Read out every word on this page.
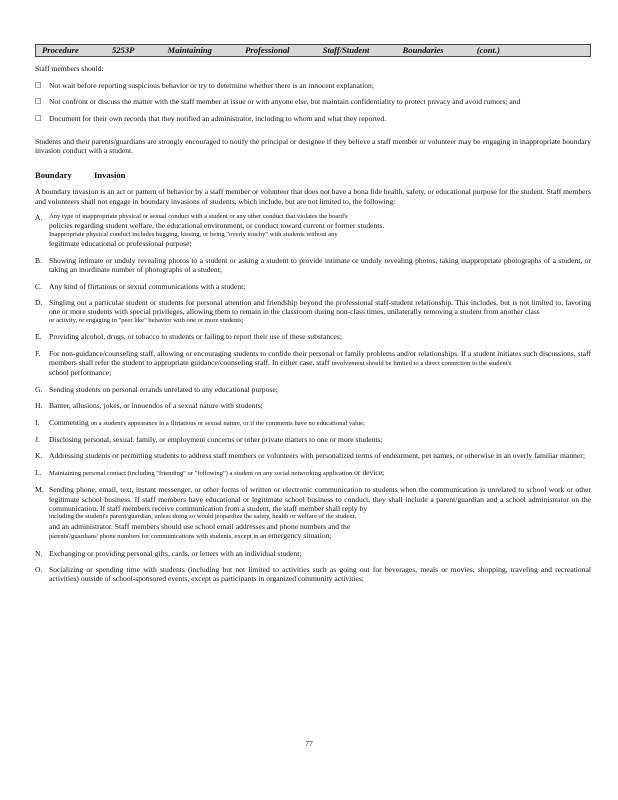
Procedure	5253P	Maintaining	Professional	Staff/Student	Boundaries	(cont.)

Staff members should:

□ Not wait before reporting suspicious behavior or try to determine whether there is an innocent explanation;
□ Not confront or discuss the matter with the staff member at issue or with anyone else, but maintain confidentiality to protect privacy and avoid rumors; and
□ Document for their own records that they notified an administrator, including to whom and what they reported.

Students and their parents/guardians are strongly encouraged to notify the principal or designee if they believe a staff member or volunteer may be engaging in inappropriate boundary invasion conduct with a student.

Boundary	Invasion

A boundary invasion is an act or pattern of behavior by a staff member or volunteer that does not have a bona fide health, safety, or educational purpose for the student. Staff members and volunteers shall not engage in boundary invasions of students, which include, but are not limited to, the following:

A.	Any type of inappropriate physical or sexual conduct with a student or any other conduct that violates the board's
policies regarding student welfare, the educational environment, or conduct toward current or former students.
Inappropriate physical conduct includes hugging, kissing, or being "overly touchy" with students without any
legitimate educational or professional purpose;
B. Showing intimate or unduly revealing photos to a student or asking a student to provide intimate or unduly revealing photos, taking inappropriate photographs of a student, or taking an inordinate number of photographs of a student;
C. Any kind of flirtatious or sexual communications with a student;
D. Singling out a particular student or students for personal attention and friendship beyond the professional staff-student relationship. This includes, but is not limited to, favoring one or more students with special privileges, allowing them to remain in the classroom during non-class times, unilaterally removing a student from another class
or activity, or engaging in "peer like" behavior with one or more students;
E. Providing alcohol, drugs, or tobacco to students or failing to report their use of these substances;
F.	For non-guidance/counseling staff, allowing or encouraging students to confide their personal or family problems and/or relationships. If a student initiates such discussions, staff members shall refer the student to appropriate guidance/counseling staff. In either case, staff involvement should be limited to a direct connection to the student's
school performance;
G. Sending students on personal errands unrelated to any educational purpose;
H. Banter, allusions, jokes, or innuendos of a sexual nature with students;
I.	Commenting on a student's appearance in a flirtatious or sexual nature, or if the comments have no educational value;
J.	Disclosing personal, sexual, family, or employment concerns or other private matters to one or more students;
K. Addressing students or permitting students to address staff members or volunteers with personalized terms of endearment, pet names, or otherwise in an overly familiar manner;
L.	Maintaining personal contact (including "friending" or "following") a student on any social networking application or device;
M. Sending phone, email, text, instant messenger, or other forms of written or electronic communication to students when the communication is unrelated to school work or other legitimate school business. If staff members have educational or legitimate school business to conduct, they shall include a parent/guardian and a school administrator on the communication. If staff members receive communication from a student, the staff member shall reply by
including the student's parent/guardian, unless doing so would jeopardize the safety, health or welfare of the student,
and an administrator. Staff members should use school email addresses and phone numbers and the
parents'/guardians' phone numbers for communications with students, except in an emergency situation;
N. Exchanging or providing personal gifts, cards, or letters with an individual student;
O. Socializing or spending time with students (including but not limited to activities such as going out for beverages, meals or movies, shopping, traveling and recreational activities) outside of school-sponsored events, except as participants in organized community activities;
77
